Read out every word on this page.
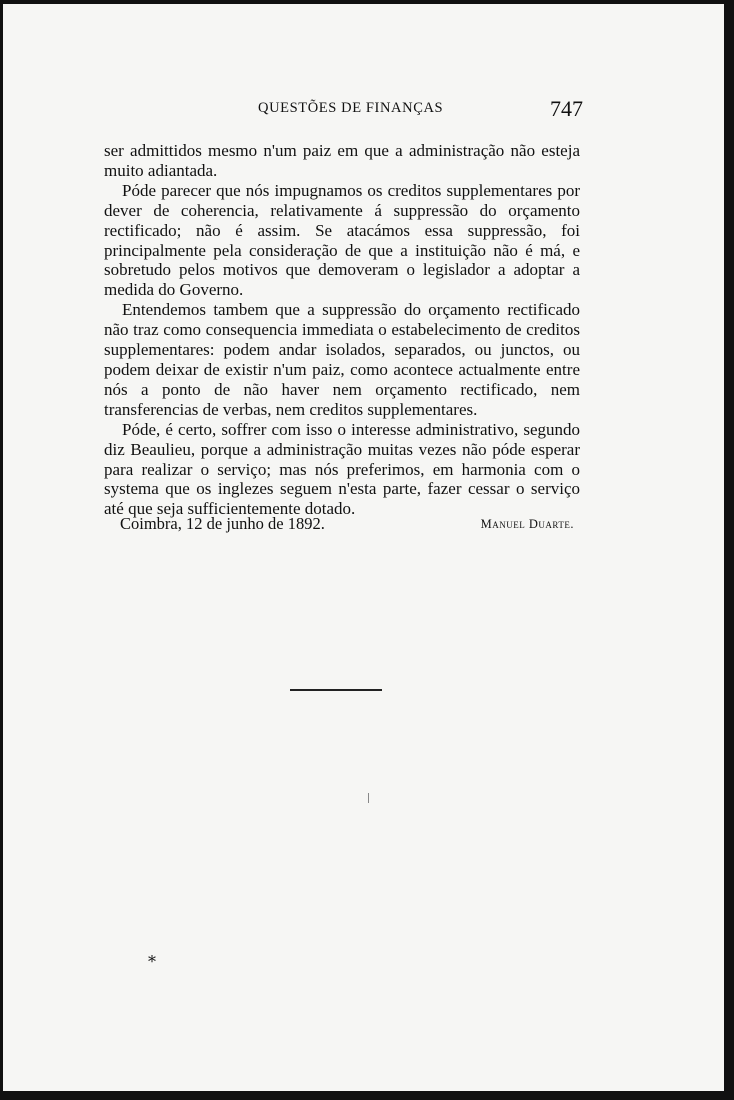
QUESTÕES DE FINANÇAS	747

ser admittidos mesmo n'um paiz em que a administração não esteja muito adiantada.

Póde parecer que nós impugnamos os creditos supplementares por dever de coherencia, relativamente á suppressão do orçamento rectificado; não é assim. Se atacámos essa suppressão, foi principalmente pela consideração de que a instituição não é má, e sobretudo pelos motivos que demoveram o legislador a adoptar a medida do Governo.

Entendemos tambem que a suppressão do orçamento rectificado não traz como consequencia immediata o estabelecimento de creditos supplementares: podem andar isolados, separados, ou junctos, ou podem deixar de existir n'um paiz, como acontece actualmente entre nós a ponto de não haver nem orçamento rectificado, nem transferencias de verbas, nem creditos supplementares.

Póde, é certo, soffrer com isso o interesse administrativo, segundo diz Beaulieu, porque a administração muitas vezes não póde esperar para realizar o serviço; mas nós preferimos, em harmonia com o systema que os inglezes seguem n'esta parte, fazer cessar o serviço até que seja sufficientemente dotado.

Coimbra, 12 de junho de 1892.	Manuel Duarte.
*
